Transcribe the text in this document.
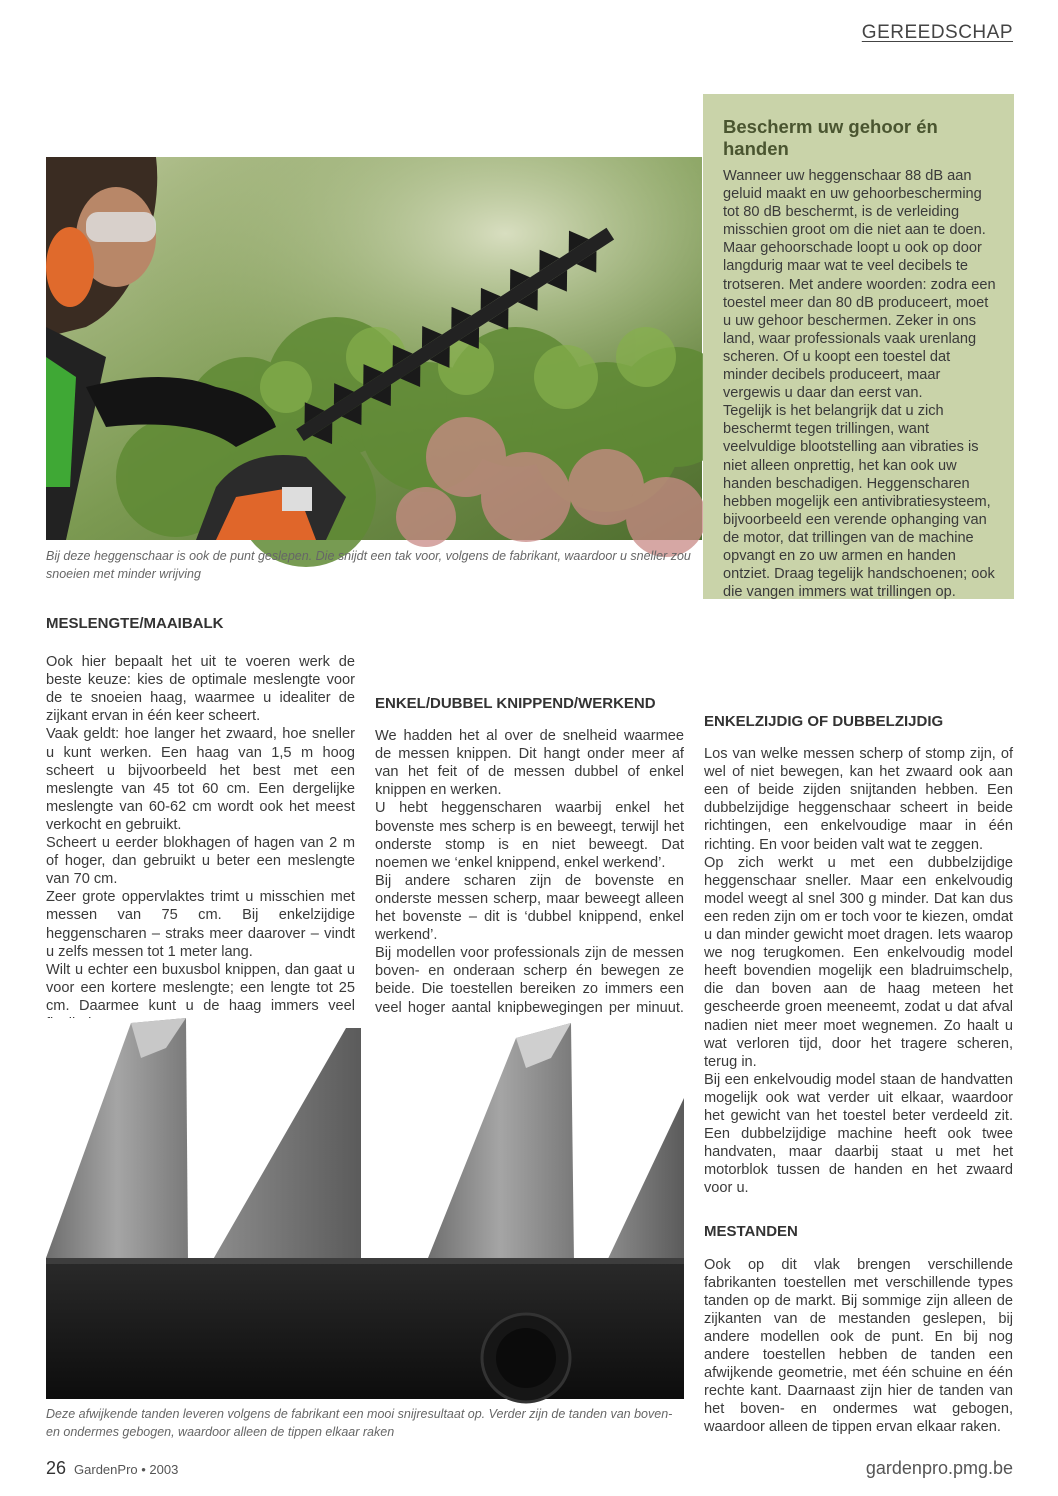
GEREEDSCHAP
Bij deze heggenschaar is ook de punt geslepen. Die snijdt een tak voor, volgens de fabrikant, waardoor u sneller zou snoeien met minder wrijving
Bescherm uw gehoor én handen

Wanneer uw heggenschaar 88 dB aan geluid maakt en uw gehoorbescherming tot 80 dB beschermt, is de verleiding misschien groot om die niet aan te doen. Maar gehoorschade loopt u ook op door langdurig maar wat te veel decibels te trotseren. Met andere woorden: zodra een toestel meer dan 80 dB produceert, moet u uw gehoor beschermen. Zeker in ons land, waar professionals vaak urenlang scheren. Of u koopt een toestel dat minder decibels produceert, maar vergewis u daar dan eerst van.

Tegelijk is het belangrijk dat u zich beschermt tegen trillingen, want veelvuldige blootstelling aan vibraties is niet alleen onprettig, het kan ook uw handen beschadigen. Heggenscharen hebben mogelijk een antivibratiesysteem, bijvoorbeeld een verende ophanging van de motor, dat trillingen van de machine opvangt en zo uw armen en handen ontziet. Draag tegelijk handschoenen; ook die vangen immers wat trillingen op.

MESLENGTE/MAAIBALK

Ook hier bepaalt het uit te voeren werk de beste keuze: kies de optimale meslengte voor de te snoeien haag, waarmee u idealiter de zijkant ervan in één keer scheert.

Vaak geldt: hoe langer het zwaard, hoe sneller u kunt werken. Een haag van 1,5 m hoog scheert u bijvoorbeeld het best met een meslengte van 45 tot 60 cm. Een dergelijke meslengte van 60-62 cm wordt ook het meest verkocht en gebruikt.

Scheert u eerder blokhagen of hagen van 2 m of hoger, dan gebruikt u beter een meslengte van 70 cm.

Zeer grote oppervlaktes trimt u misschien met messen van 75 cm. Bij enkelzijdige heggenscharen – straks meer daarover – vindt u zelfs messen tot 1 meter lang.

Wilt u echter een buxusbol knippen, dan gaat u voor een kortere meslengte; een lengte tot 25 cm. Daarmee kunt u de haag immers veel

ENKEL/DUBBEL KNIPPEND/WERKEND

We hadden het al over de snelheid waarmee de messen knippen. Dit hangt onder meer af van het feit of de messen dubbel of enkel knippen en werken.

U hebt heggenscharen waarbij enkel het bovenste mes scherp is en beweegt, terwijl het onderste stomp is en niet beweegt. Dat noemen we ‘enkel knippend, enkel werkend’.

Bij andere scharen zijn de bovenste en onderste messen scherp, maar beweegt alleen het bovenste – dit is ‘dubbel knippend, enkel werkend’.

Bij modellen voor professionals zijn de messen boven- en onderaan scherp én bewegen ze beide. Die toestellen bereiken zo immers een veel hoger aantal knipbewegingen per minuut.

ENKELZIJDIG OF DUBBELZIJDIG

Los van welke messen scherp of stomp zijn, of wel of niet bewegen, kan het zwaard ook aan een of beide zijden snijtanden hebben. Een dubbelzijdige heggenschaar scheert in beide richtingen, een enkelvoudige maar in één richting. En voor beiden valt wat te zeggen.

Op zich werkt u met een dubbelzijdige heggenschaar sneller. Maar een enkelvoudig model weegt al snel 300 g minder. Dat kan dus een reden zijn om er toch voor te kiezen, omdat u dan minder gewicht moet dragen. Iets waarop we nog terugkomen. Een enkelvoudig model heeft bovendien mogelijk een bladruimschelp, die dan boven aan de haag meteen het gescheerde groen meeneemt, zodat u dat afval nadien niet meer moet wegnemen. Zo haalt u wat verloren tijd, door het tragere scheren, terug in.

Bij een enkelvoudig model staan de handvatten mogelijk ook wat verder uit elkaar, waardoor het gewicht van het toestel beter verdeeld zit. Een dubbelzijdige machine heeft ook twee handvaten, maar daarbij staat u met het motorblok tussen de handen en het zwaard voor u.

MESTANDEN

Ook op dit vlak brengen verschillende fabrikanten toestellen met verschillende types tanden op de markt. Bij sommige zijn alleen de zijkanten van de mestanden geslepen, bij andere modellen ook de punt. En bij nog andere toestellen hebben de tanden een afwijkende geometrie, met één schuine en één rechte kant. Daarnaast zijn hier de tanden van het boven- en ondermes wat gebogen, waardoor alleen de tippen ervan elkaar raken.

Deze afwijkende tanden leveren volgens de fabrikant een mooi snijresultaat op. Verder zijn de tanden van boven- en ondermes gebogen, waardoor alleen de tippen elkaar raken
26 GardenPro • 2003	gardenpro.pmg.be
